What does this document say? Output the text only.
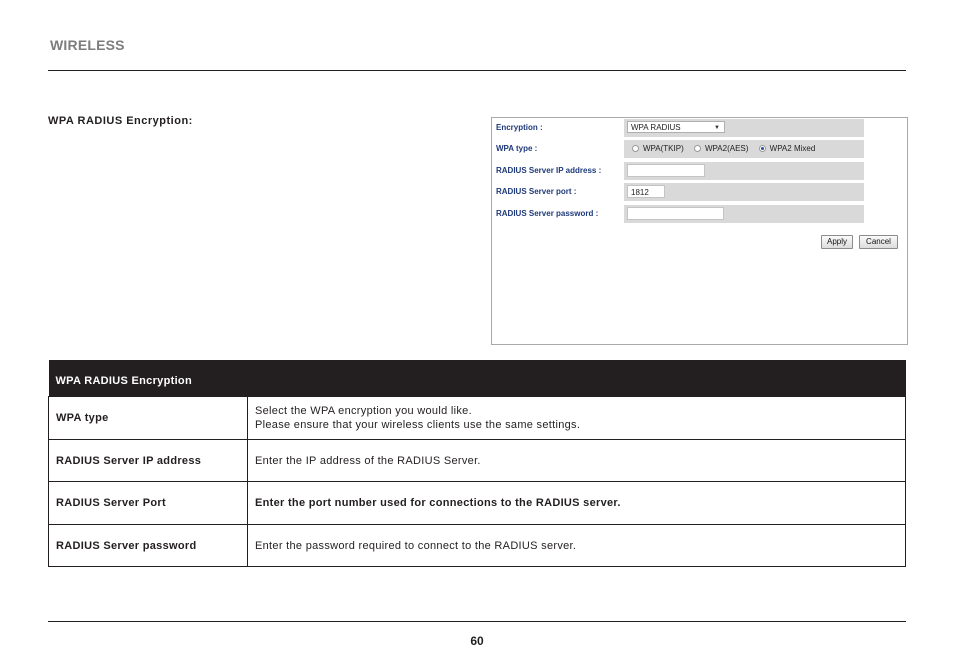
WIRELESS
WPA RADIUS Encryption:
Encryption :	WPA RADIUS	▼
WPA type :	WPA(TKIP)	WPA2(AES)	WPA2 Mixed
RADIUS Server IP address :
RADIUS Server port :	1812
RADIUS Server password :
Apply	Cancel
WPA RADIUS Encryption	
WPA type	Select the WPA encryption you would like.
Please ensure that your wireless clients use the same settings.
RADIUS Server IP address	Enter the IP address of the RADIUS Server.
RADIUS Server Port	Enter the port number used for connections to the RADIUS server.
RADIUS Server password	Enter the password required to connect to the RADIUS server.
60
